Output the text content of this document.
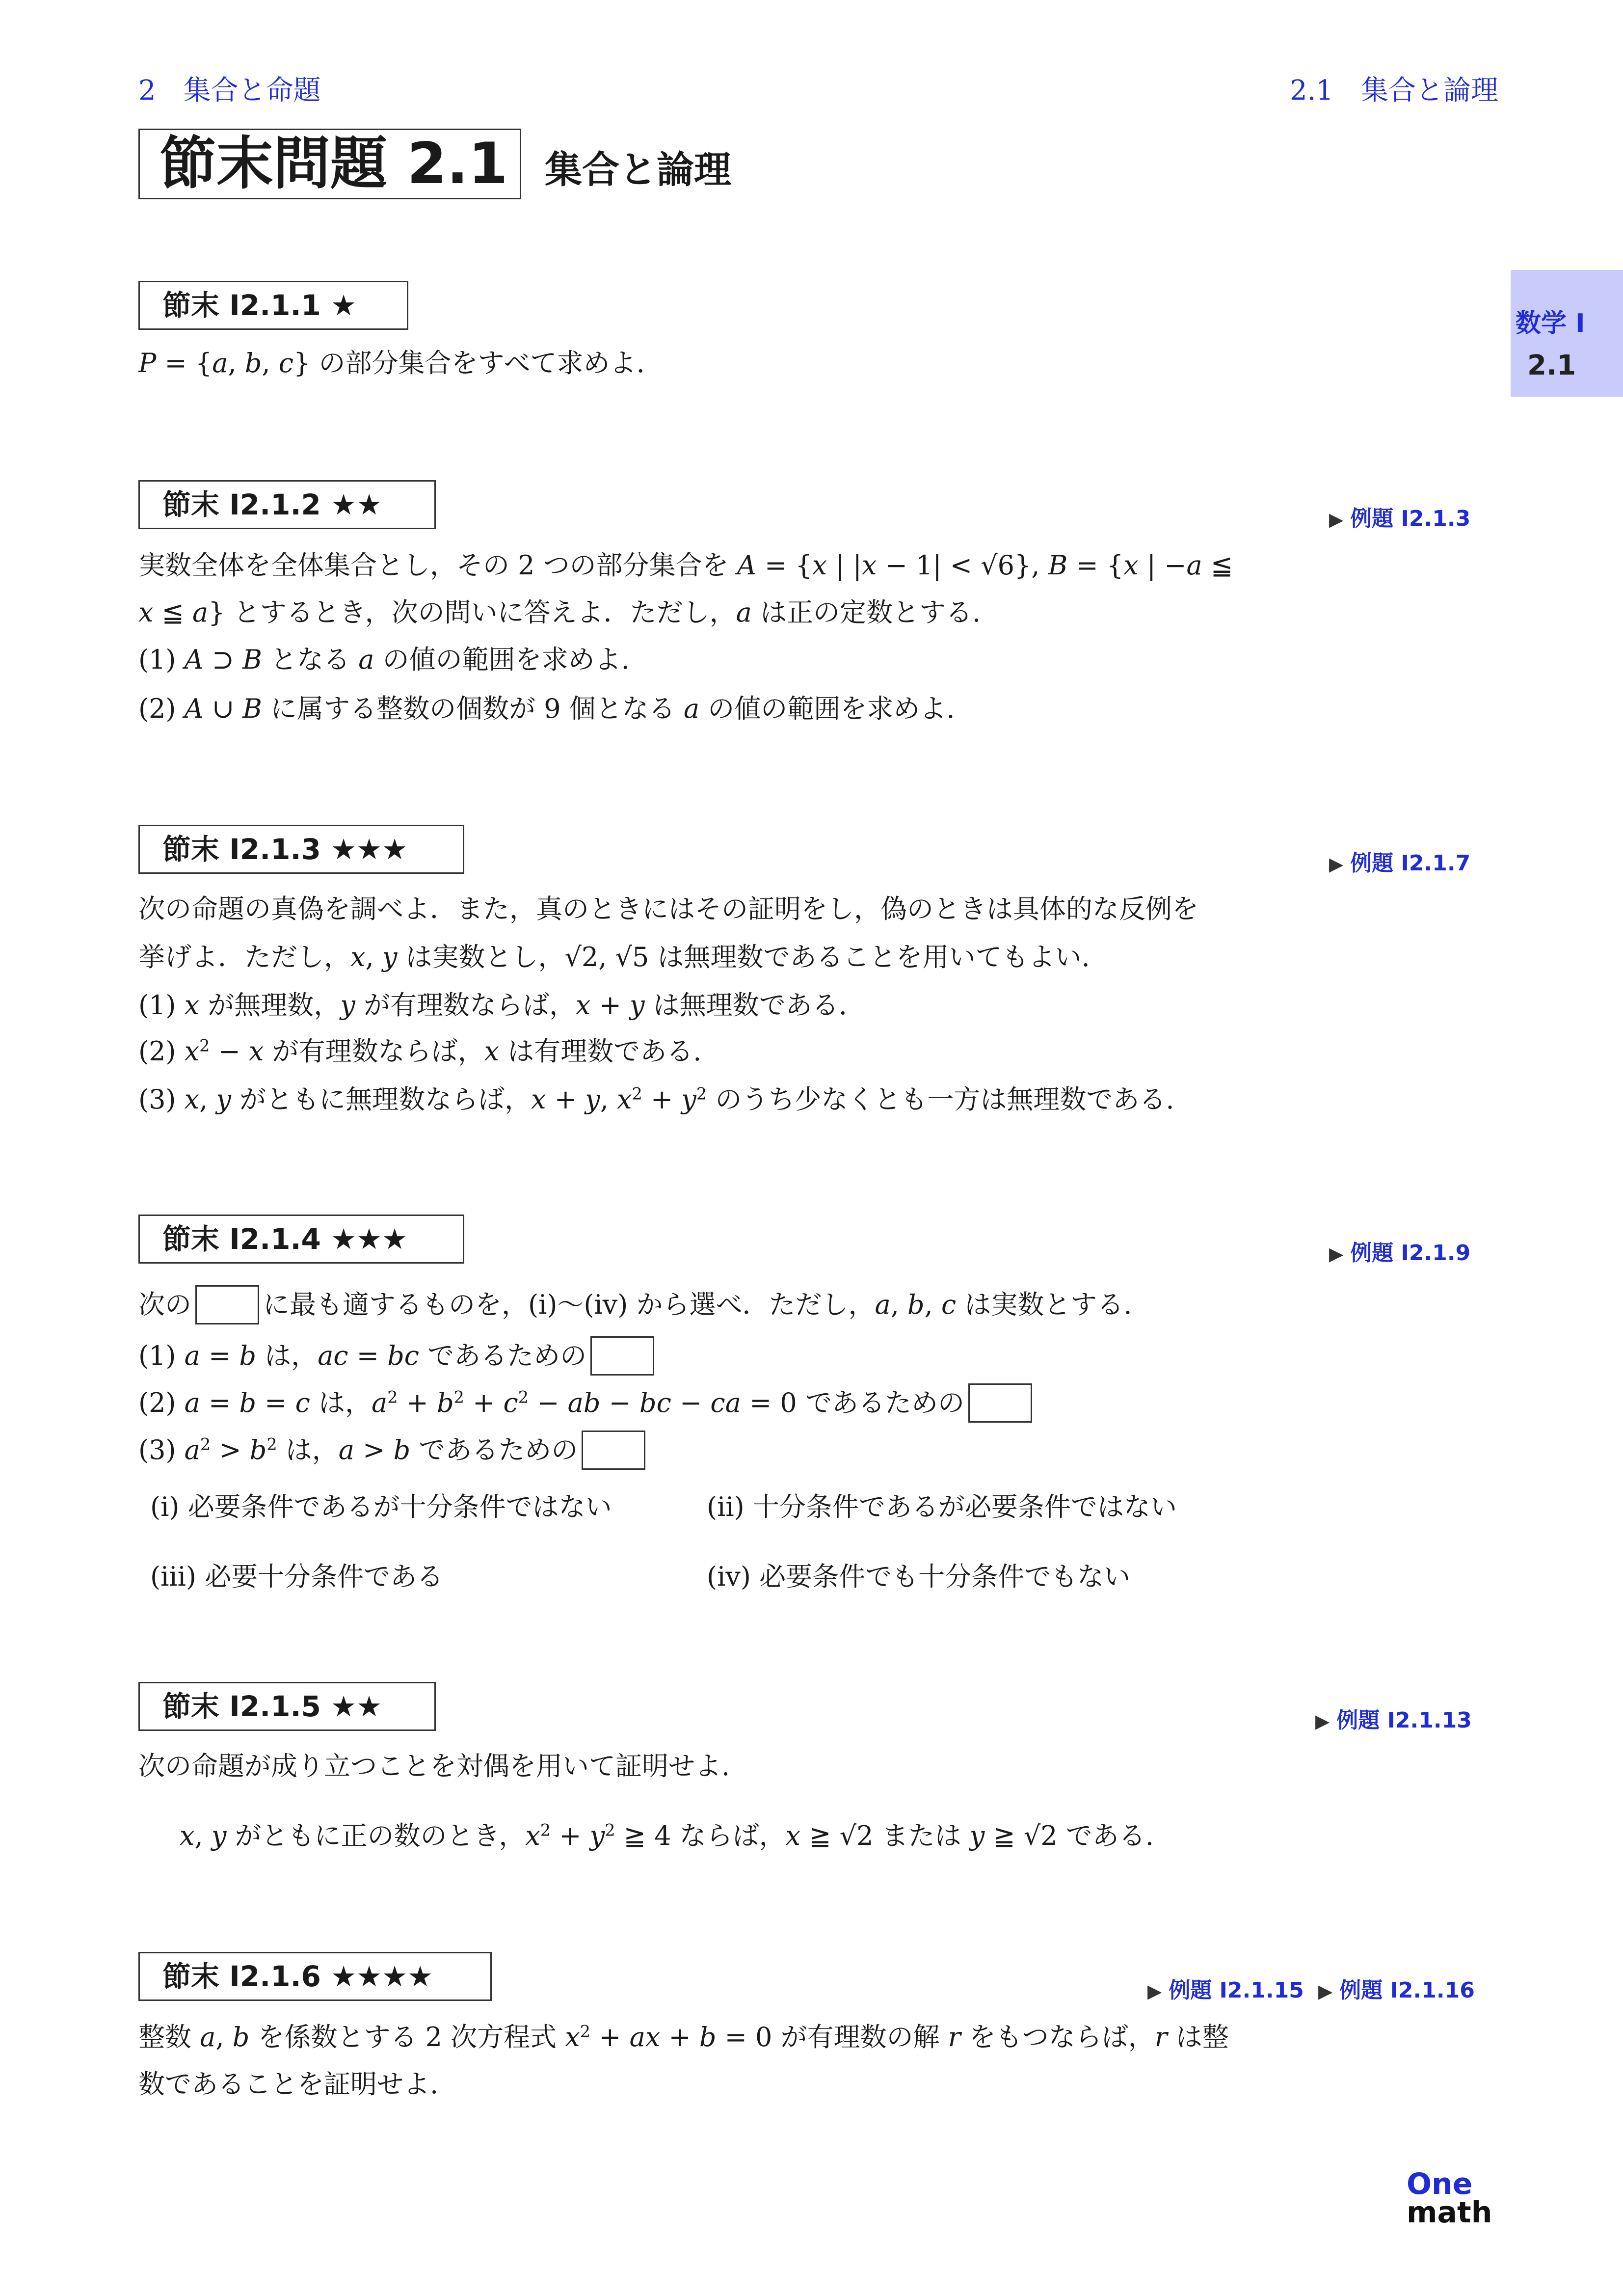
2　集合と命題	2.1　集合と論理
節末問題 2.1 集合と論理
数学 I
2.1
節末 I2.1.1 ★
P = {a, b, c} の部分集合をすべて求めよ.
節末 I2.1.2 ★★	▶ 例題 I2.1.3
実数全体を全体集合とし，その 2 つの部分集合を A = {x | |x − 1| < √6}, B = {x | −a ≦
x ≦ a} とするとき，次の問いに答えよ．ただし，a は正の定数とする.
(1) A ⊃ B となる a の値の範囲を求めよ.
(2) A ∪ B に属する整数の個数が 9 個となる a の値の範囲を求めよ.
節末 I2.1.3 ★★★	▶ 例題 I2.1.7
次の命題の真偽を調べよ．また，真のときにはその証明をし，偽のときは具体的な反例を
挙げよ．ただし，x, y は実数とし，√2, √5 は無理数であることを用いてもよい.
(1) x が無理数，y が有理数ならば，x + y は無理数である.
(2) $x^2 - x$ が有理数ならば，x は有理数である.
(3) x, y がともに無理数ならば，x + y, $x^2 + y^2$ のうち少なくとも一方は無理数である.
節末 I2.1.4 ★★★	▶ 例題 I2.1.9
次の	に最も適するものを，(i)〜(iv) から選べ．ただし，a, b, c は実数とする.
(1) a = b は，ac = bc であるための
(2) a = b = c は，$a^2 + b^2 + c^2$ − ab − bc − ca = 0 であるための
(3) $a^2 > b^2$ は，a > b であるための
(i) 必要条件であるが十分条件ではない	(ii) 十分条件であるが必要条件ではない
(iii) 必要十分条件である	(iv) 必要条件でも十分条件でもない
節末 I2.1.5 ★★	▶ 例題 I2.1.13
次の命題が成り立つことを対偶を用いて証明せよ.
x, y がともに正の数のとき，$x^2 + y^2$ ≧ 4 ならば，x ≧ √2 または y ≧ √2 である.
節末 I2.1.6 ★★★★	▶ 例題 I2.1.15 ▶ 例題 I2.1.16
整数 a, b を係数とする 2 次方程式 $x^2$ + ax + b = 0 が有理数の解 r をもつならば，r は整
数であることを証明せよ.
One
math
